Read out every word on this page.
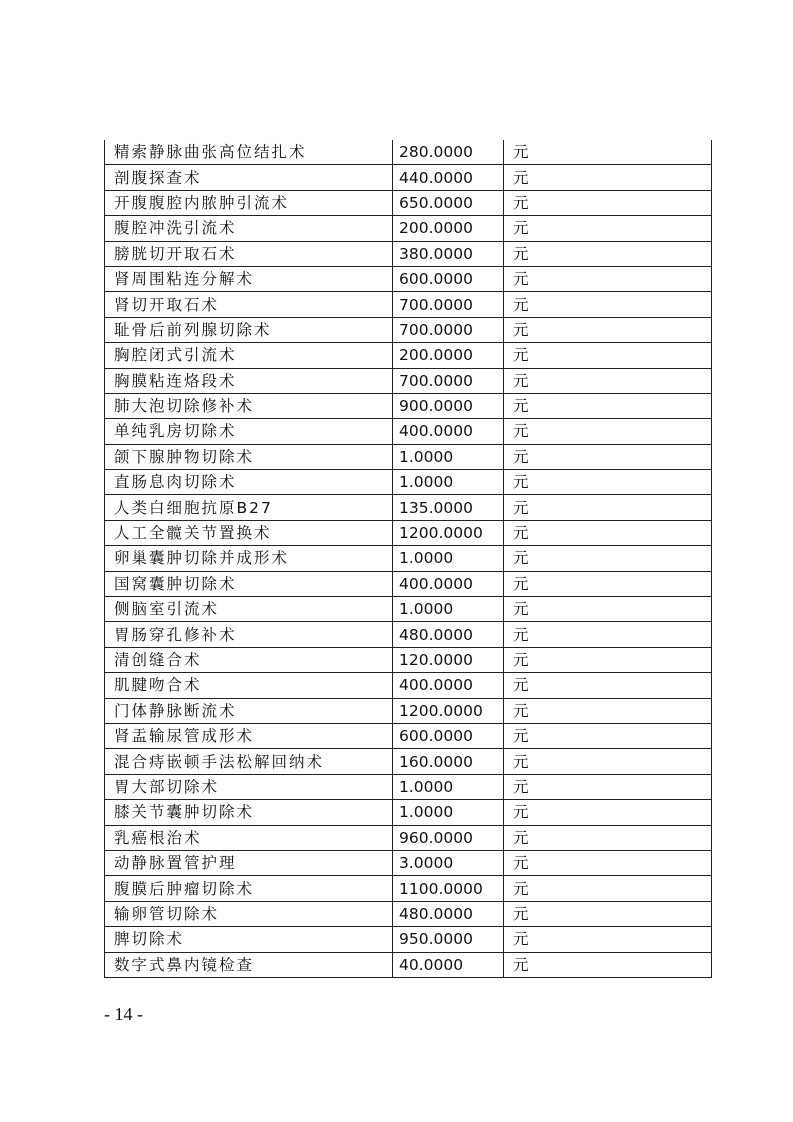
精索静脉曲张高位结扎术	280.0000	元
剖腹探查术	440.0000	元
开腹腹腔内脓肿引流术	650.0000	元
腹腔冲洗引流术	200.0000	元
膀胱切开取石术	380.0000	元
肾周围粘连分解术	600.0000	元
肾切开取石术	700.0000	元
耻骨后前列腺切除术	700.0000	元
胸腔闭式引流术	200.0000	元
胸膜粘连烙段术	700.0000	元
肺大泡切除修补术	900.0000	元
单纯乳房切除术	400.0000	元
颌下腺肿物切除术	1.0000	元
直肠息肉切除术	1.0000	元
人类白细胞抗原B27	135.0000	元
人工全髋关节置换术	1200.0000	元
卵巢囊肿切除并成形术	1.0000	元
国窝囊肿切除术	400.0000	元
侧脑室引流术	1.0000	元
胃肠穿孔修补术	480.0000	元
清创缝合术	120.0000	元
肌腱吻合术	400.0000	元
门体静脉断流术	1200.0000	元
肾盂输尿管成形术	600.0000	元
混合痔嵌顿手法松解回纳术	160.0000	元
胃大部切除术	1.0000	元
膝关节囊肿切除术	1.0000	元
乳癌根治术	960.0000	元
动静脉置管护理	3.0000	元
腹膜后肿瘤切除术	1100.0000	元
输卵管切除术	480.0000	元
脾切除术	950.0000	元
数字式鼻内镜检查	40.0000	元
- 14 -
